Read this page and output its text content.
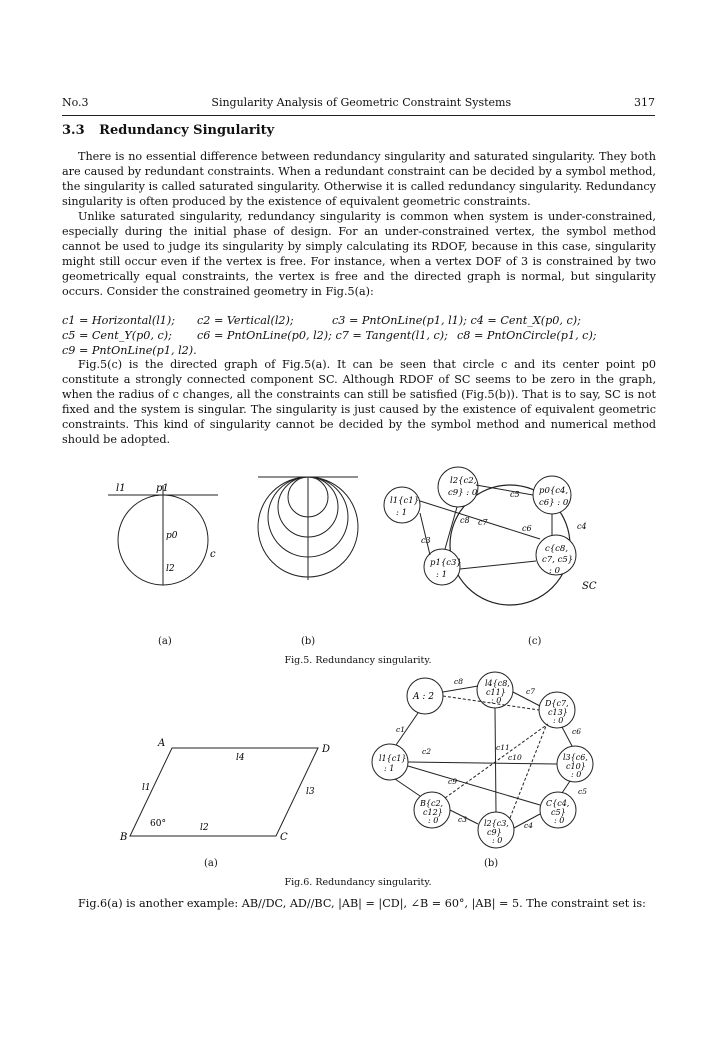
No.3	Singularity Analysis of Geometric Constraint Systems	317
3.3 Redundancy Singularity

There is no essential difference between redundancy singularity and saturated singularity. They both are caused by redundant constraints. When a redundant constraint can be decided by a symbol method, the singularity is called saturated singularity. Otherwise it is called redundancy singularity. Redundancy singularity is often produced by the existence of equivalent geometric constraints.

Unlike saturated singularity, redundancy singularity is common when system is under-constrained, especially during the initial phase of design. For an under-constrained vertex, the symbol method cannot be used to judge its singularity by simply calculating its RDOF, because in this case, singularity might still occur even if the vertex is free. For instance, when a vertex DOF of 3 is constrained by two geometrically equal constraints, the vertex is free and the directed graph is normal, but singularity occurs. Consider the constrained geometry in Fig.5(a):

c1 = Horizontal(l1);	c2 = Vertical(l2);	c3 = PntOnLine(p1, l1); c4 = Cent_X(p0, c);
c5 = Cent_Y(p0, c);	c6 = PntOnLine(p0, l2); c7 = Tangent(l1, c); c8 = PntOnCircle(p1, c);
c9 = PntOnLine(p1, l2).

Fig.5(c) is the directed graph of Fig.5(a). It can be seen that circle c and its center point p0 constitute a strongly connected component SC. Although RDOF of SC seems to be zero in the graph, when the radius of c changes, all the constraints can still be satisfied (Fig.5(b)). That is to say, SC is not fixed and the system is singular. The singularity is just caused by the existence of equivalent geometric constraints. This kind of singularity cannot be decided by the symbol method and numerical method should be adopted.

l1	p1
p0
c
l2
l2{c2,
c9} : 0
l1{c1}
: 1
p0{c4,
c6} : 0
p1{c3}
: 1
c{c8,
c7, c5}
: 0
c5
c7
c3
c8
c6	c4
SC
(a)	(b)	(c)
Fig.5. Redundancy singularity.
A
D
B	C
l1
l2
l3
l4
60°
l4{c8,
c11}
: 0
A : 2
D{c7,
c13}
: 0
l1{c1}
: 1
l3{c6,
c10}
: 0
B{c2,
c12}
: 0
C{c4,
c5}
: 0
l2{c3,
c9}
: 0
c8
c7
c1
c2	c11
c10
c9
c3
c4
c5
c6
(a)	(b)
Fig.6. Redundancy singularity.

Fig.6(a) is another example: AB//DC, AD//BC, |AB| = |CD|, ∠B = 60°, |AB| = 5. The constraint set is:
